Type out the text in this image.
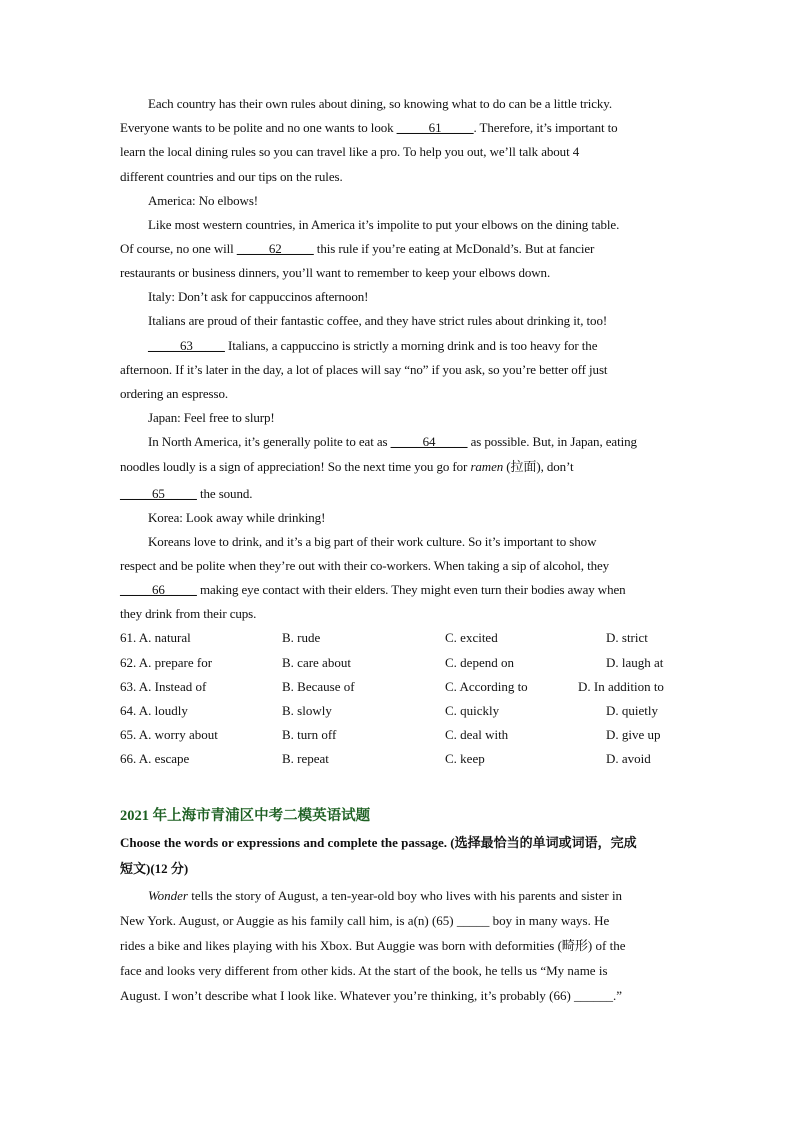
Each country has their own rules about dining, so knowing what to do can be a little tricky.
Everyone wants to be polite and no one wants to look _____61_____. Therefore, it’s important to
learn the local dining rules so you can travel like a pro. To help you out, we’ll talk about 4
different countries and our tips on the rules.
America: No elbows!
Like most western countries, in America it’s impolite to put your elbows on the dining table.
Of course, no one will _____62_____ this rule if you’re eating at McDonald’s. But at fancier
restaurants or business dinners, you’ll want to remember to keep your elbows down.
Italy: Don’t ask for cappuccinos afternoon!
Italians are proud of their fantastic coffee, and they have strict rules about drinking it, too!
_____63_____ Italians, a cappuccino is strictly a morning drink and is too heavy for the
afternoon. If it’s later in the day, a lot of places will say “no” if you ask, so you’re better off just
ordering an espresso.
Japan: Feel free to slurp!
In North America, it’s generally polite to eat as _____64_____ as possible. But, in Japan, eating
noodles loudly is a sign of appreciation! So the next time you go for ramen (拉面), don’t
_____65_____ the sound.
Korea: Look away while drinking!
Koreans love to drink, and it’s a big part of their work culture. So it’s important to show
respect and be polite when they’re out with their co-workers. When taking a sip of alcohol, they
_____66_____ making eye contact with their elders. They might even turn their bodies away when
they drink from their cups.
61. A. natural	B. rude	C. excited	D. strict
62. A. prepare for	B. care about	C. depend on	D. laugh at
63. A. Instead of	B. Because of	C. According to	D. In addition to
64. A. loudly	B. slowly	C. quickly	D. quietly
65. A. worry about	B. turn off	C. deal with	D. give up
66. A. escape	B. repeat	C. keep	D. avoid
2021 年上海市青浦区中考二模英语试题
Choose the words or expressions and complete the passage. (选择最恰当的单词或词语，完成
短文)(12 分)
Wonder tells the story of August, a ten-year-old boy who lives with his parents and sister in
New York. August, or Auggie as his family call him, is a(n) (65) _____ boy in many ways. He
rides a bike and likes playing with his Xbox. But Auggie was born with deformities (畸形) of the
face and looks very different from other kids. At the start of the book, he tells us “My name is
August. I won’t describe what I look like. Whatever you’re thinking, it’s probably (66) ______.”
